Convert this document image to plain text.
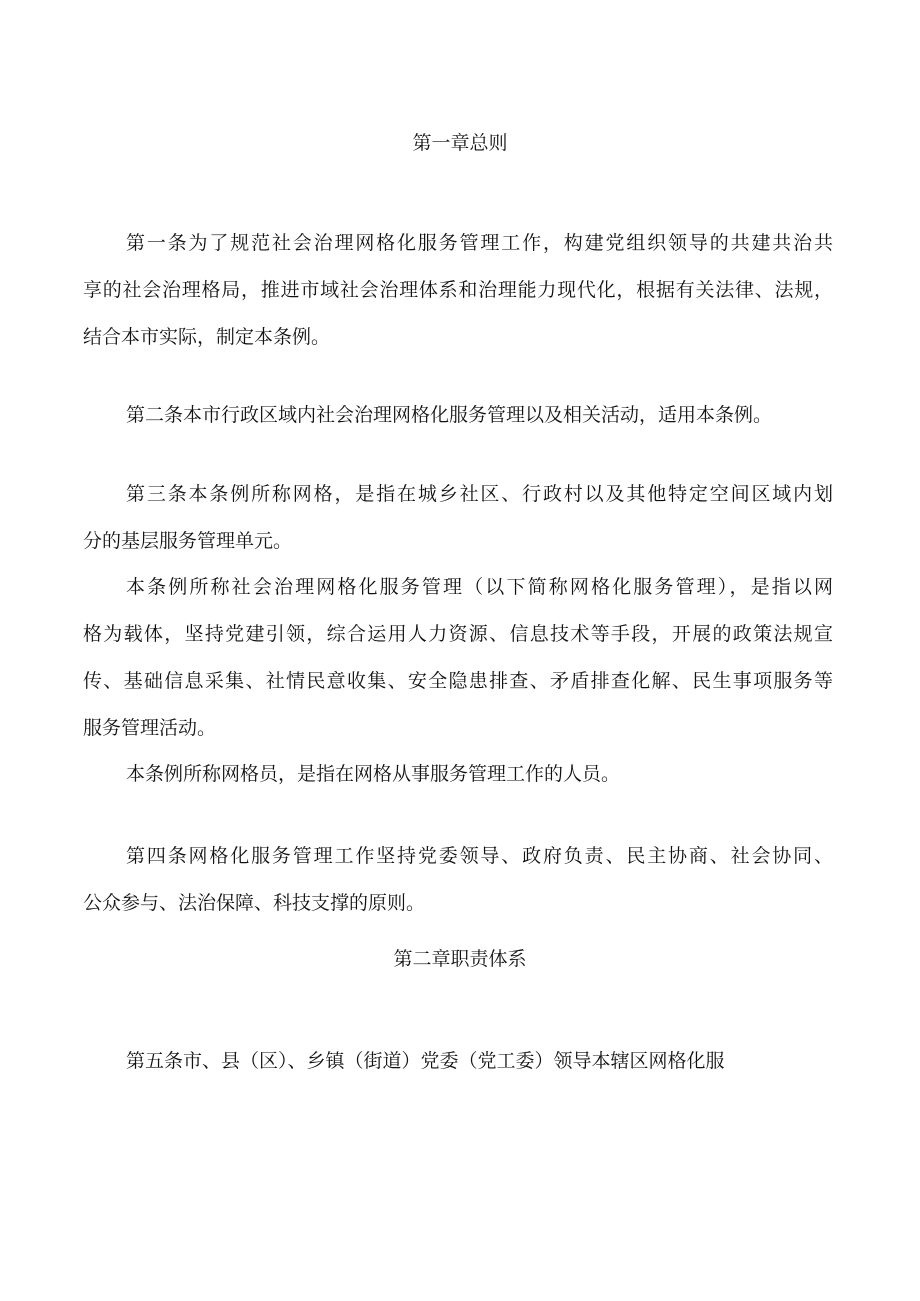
第一章总则
第一条为了规范社会治理网格化服务管理工作，构建党组织领导的共建共治共
享的社会治理格局，推进市域社会治理体系和治理能力现代化，根据有关法律、法规，
结合本市实际，制定本条例。
第二条本市行政区域内社会治理网格化服务管理以及相关活动，适用本条例。
第三条本条例所称网格，是指在城乡社区、行政村以及其他特定空间区域内划
分的基层服务管理单元。
本条例所称社会治理网格化服务管理（以下简称网格化服务管理），是指以网
格为载体，坚持党建引领，综合运用人力资源、信息技术等手段，开展的政策法规宣
传、基础信息采集、社情民意收集、安全隐患排查、矛盾排查化解、民生事项服务等
服务管理活动。
本条例所称网格员，是指在网格从事服务管理工作的人员。
第四条网格化服务管理工作坚持党委领导、政府负责、民主协商、社会协同、
公众参与、法治保障、科技支撑的原则。
第二章职责体系
第五条市、县（区）、乡镇（街道）党委（党工委）领导本辖区网格化服
